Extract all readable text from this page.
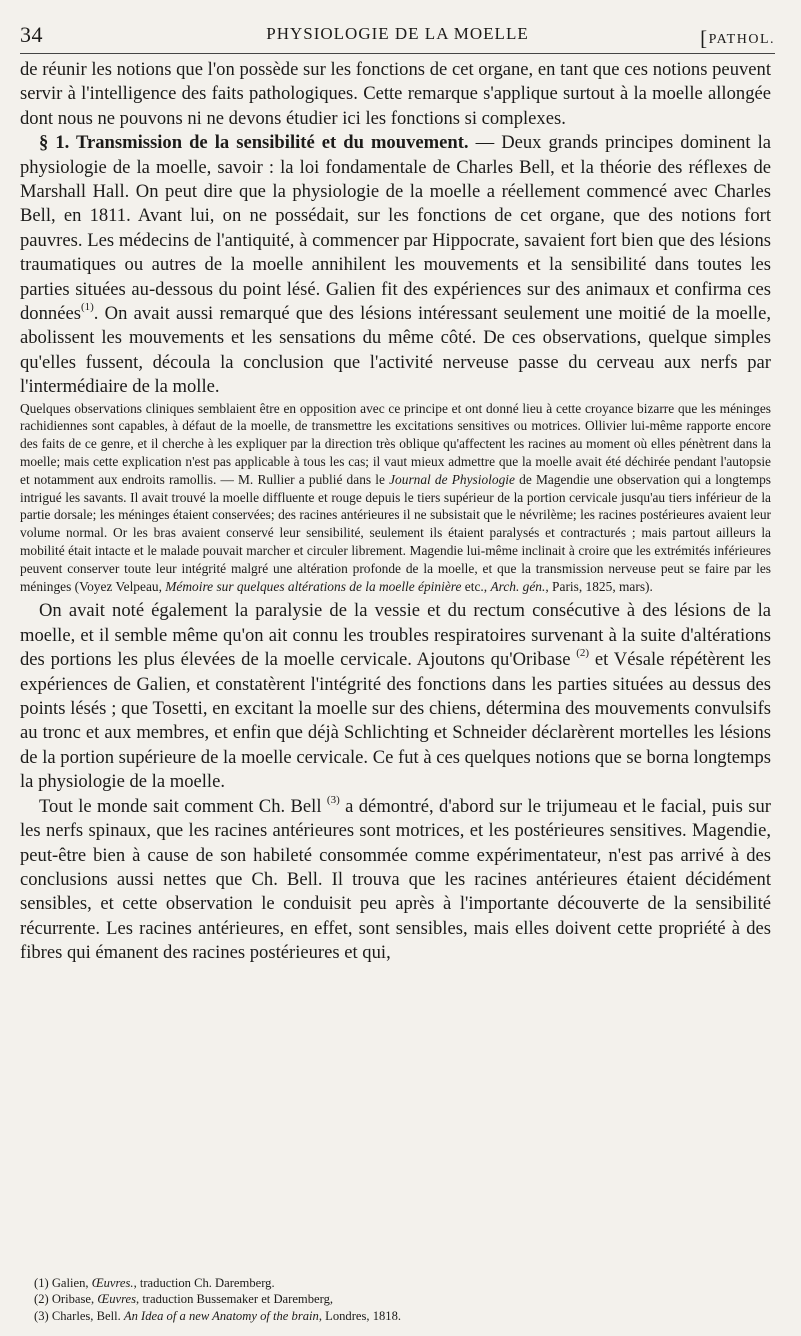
34	PHYSIOLOGIE DE LA MOELLE	[PATHOL.

de réunir les notions que l'on possède sur les fonctions de cet organe, en tant que ces notions peuvent servir à l'intelligence des faits pathologiques. Cette remarque s'applique surtout à la moelle allongée dont nous ne pouvons ni ne devons étudier ici les fonctions si complexes.

§ 1. Transmission de la sensibilité et du mouvement. — Deux grands principes dominent la physiologie de la moelle, savoir : la loi fondamentale de Charles Bell, et la théorie des réflexes de Marshall Hall. On peut dire que la physiologie de la moelle a réellement commencé avec Charles Bell, en 1811. Avant lui, on ne possédait, sur les fonctions de cet organe, que des notions fort pauvres. Les médecins de l'antiquité, à commencer par Hippocrate, savaient fort bien que des lésions traumatiques ou autres de la moelle annihilent les mouvements et la sensibilité dans toutes les parties situées au-dessous du point lésé. Galien fit des expériences sur des animaux et confirma ces données$^{(1)}$. On avait aussi remarqué que des lésions intéressant seulement une moitié de la moelle, abolissent les mouvements et les sensations du même côté. De ces observations, quelque simples qu'elles fussent, découla la conclusion que l'activité nerveuse passe du cerveau aux nerfs par l'intermédiaire de la molle.

Quelques observations cliniques semblaient être en opposition avec ce principe et ont donné lieu à cette croyance bizarre que les méninges rachidiennes sont capables, à défaut de la moelle, de transmettre les excitations sensitives ou motrices. Ollivier lui-même rapporte encore des faits de ce genre, et il cherche à les expliquer par la direction très oblique qu'affectent les racines au moment où elles pénètrent dans la moelle; mais cette explication n'est pas applicable à tous les cas; il vaut mieux admettre que la moelle avait été déchirée pendant l'autopsie et notamment aux endroits ramollis. — M. Rullier a publié dans le Journal de Physiologie de Magendie une observation qui a longtemps intrigué les savants. Il avait trouvé la moelle diffluente et rouge depuis le tiers supérieur de la portion cervicale jusqu'au tiers inférieur de la partie dorsale; les méninges étaient conservées; des racines antérieures il ne subsistait que le névrilème; les racines postérieures avaient leur volume normal. Or les bras avaient conservé leur sensibilité, seulement ils étaient paralysés et contracturés ; mais partout ailleurs la mobilité était intacte et le malade pouvait marcher et circuler librement. Magendie lui-même inclinait à croire que les extrémités inférieures peuvent conserver toute leur intégrité malgré une altération profonde de la moelle, et que la transmission nerveuse peut se faire par les méninges (Voyez Velpeau, Mémoire sur quelques altérations de la moelle épinière etc., Arch. gén., Paris, 1825, mars).

On avait noté également la paralysie de la vessie et du rectum consécutive à des lésions de la moelle, et il semble même qu'on ait connu les troubles respiratoires survenant à la suite d'altérations des portions les plus élevées de la moelle cervicale. Ajoutons qu'Oribase $^{(2)}$ et Vésale répétèrent les expériences de Galien, et constatèrent l'intégrité des fonctions dans les parties situées au dessus des points lésés ; que Tosetti, en excitant la moelle sur des chiens, détermina des mouvements convulsifs au tronc et aux membres, et enfin que déjà Schlichting et Schneider déclarèrent mortelles les lésions de la portion supérieure de la moelle cervicale. Ce fut à ces quelques notions que se borna longtemps la physiologie de la moelle.

Tout le monde sait comment Ch. Bell $^{(3)}$ a démontré, d'abord sur le trijumeau et le facial, puis sur les nerfs spinaux, que les racines antérieures sont motrices, et les postérieures sensitives. Magendie, peut-être bien à cause de son habileté consommée comme expérimentateur, n'est pas arrivé à des conclusions aussi nettes que Ch. Bell. Il trouva que les racines antérieures étaient décidément sensibles, et cette observation le conduisit peu après à l'importante découverte de la sensibilité récurrente. Les racines antérieures, en effet, sont sensibles, mais elles doivent cette propriété à des fibres qui émanent des racines postérieures et qui,

(1) Galien, Œuvres., traduction Ch. Daremberg.
(2) Oribase, Œuvres, traduction Bussemaker et Daremberg,
(3) Charles, Bell. An Idea of a new Anatomy of the brain, Londres, 1818.
